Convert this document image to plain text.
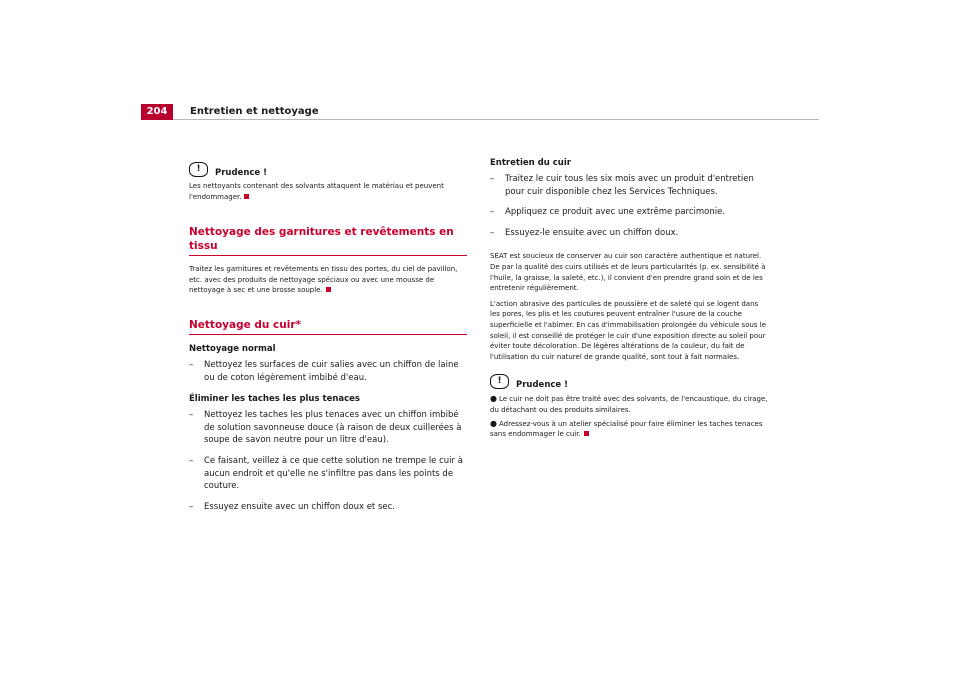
204	Entretien et nettoyage
!	Prudence !

Les nettoyants contenant des solvants attaquent le matériau et peuvent l'endommager.

Nettoyage des garnitures et revêtements en tissu

Traitez les garnitures et revêtements en tissu des portes, du ciel de pavillon, etc. avec des produits de nettoyage spéciaux ou avec une mousse de nettoyage à sec et une brosse souple.

Nettoyage du cuir*

Nettoyage normal

– Nettoyez les surfaces de cuir salies avec un chiffon de laine ou de coton légèrement imbibé d'eau.

Éliminer les taches les plus tenaces

– Nettoyez les taches les plus tenaces avec un chiffon imbibé de solution savonneuse douce (à raison de deux cuillerées à soupe de savon neutre pour un litre d'eau).

– Ce faisant, veillez à ce que cette solution ne trempe le cuir à aucun endroit et qu'elle ne s'infiltre pas dans les points de couture.

– Essuyez ensuite avec un chiffon doux et sec.

Entretien du cuir

– Traitez le cuir tous les six mois avec un produit d'entretien pour cuir disponible chez les Services Techniques.

– Appliquez ce produit avec une extrême parcimonie.

– Essuyez-le ensuite avec un chiffon doux.

SEAT est soucieux de conserver au cuir son caractère authentique et naturel. De par la qualité des cuirs utilisés et de leurs particularités (p. ex. sensibilité à l'huile, la graisse, la saleté, etc.), il convient d'en prendre grand soin et de les entretenir régulièrement.

L'action abrasive des particules de poussière et de saleté qui se logent dans les pores, les plis et les coutures peuvent entraîner l'usure de la couche superficielle et l'abîmer. En cas d'immobilisation prolongée du véhicule sous le soleil, il est conseillé de protéger le cuir d'une exposition directe au soleil pour éviter toute décoloration. De légères altérations de la couleur, du fait de l'utilisation du cuir naturel de grande qualité, sont tout à fait normales.

!	Prudence !

● Le cuir ne doit pas être traité avec des solvants, de l'encaustique, du cirage, du détachant ou des produits similaires.

● Adressez-vous à un atelier spécialisé pour faire éliminer les taches tenaces sans endommager le cuir.
